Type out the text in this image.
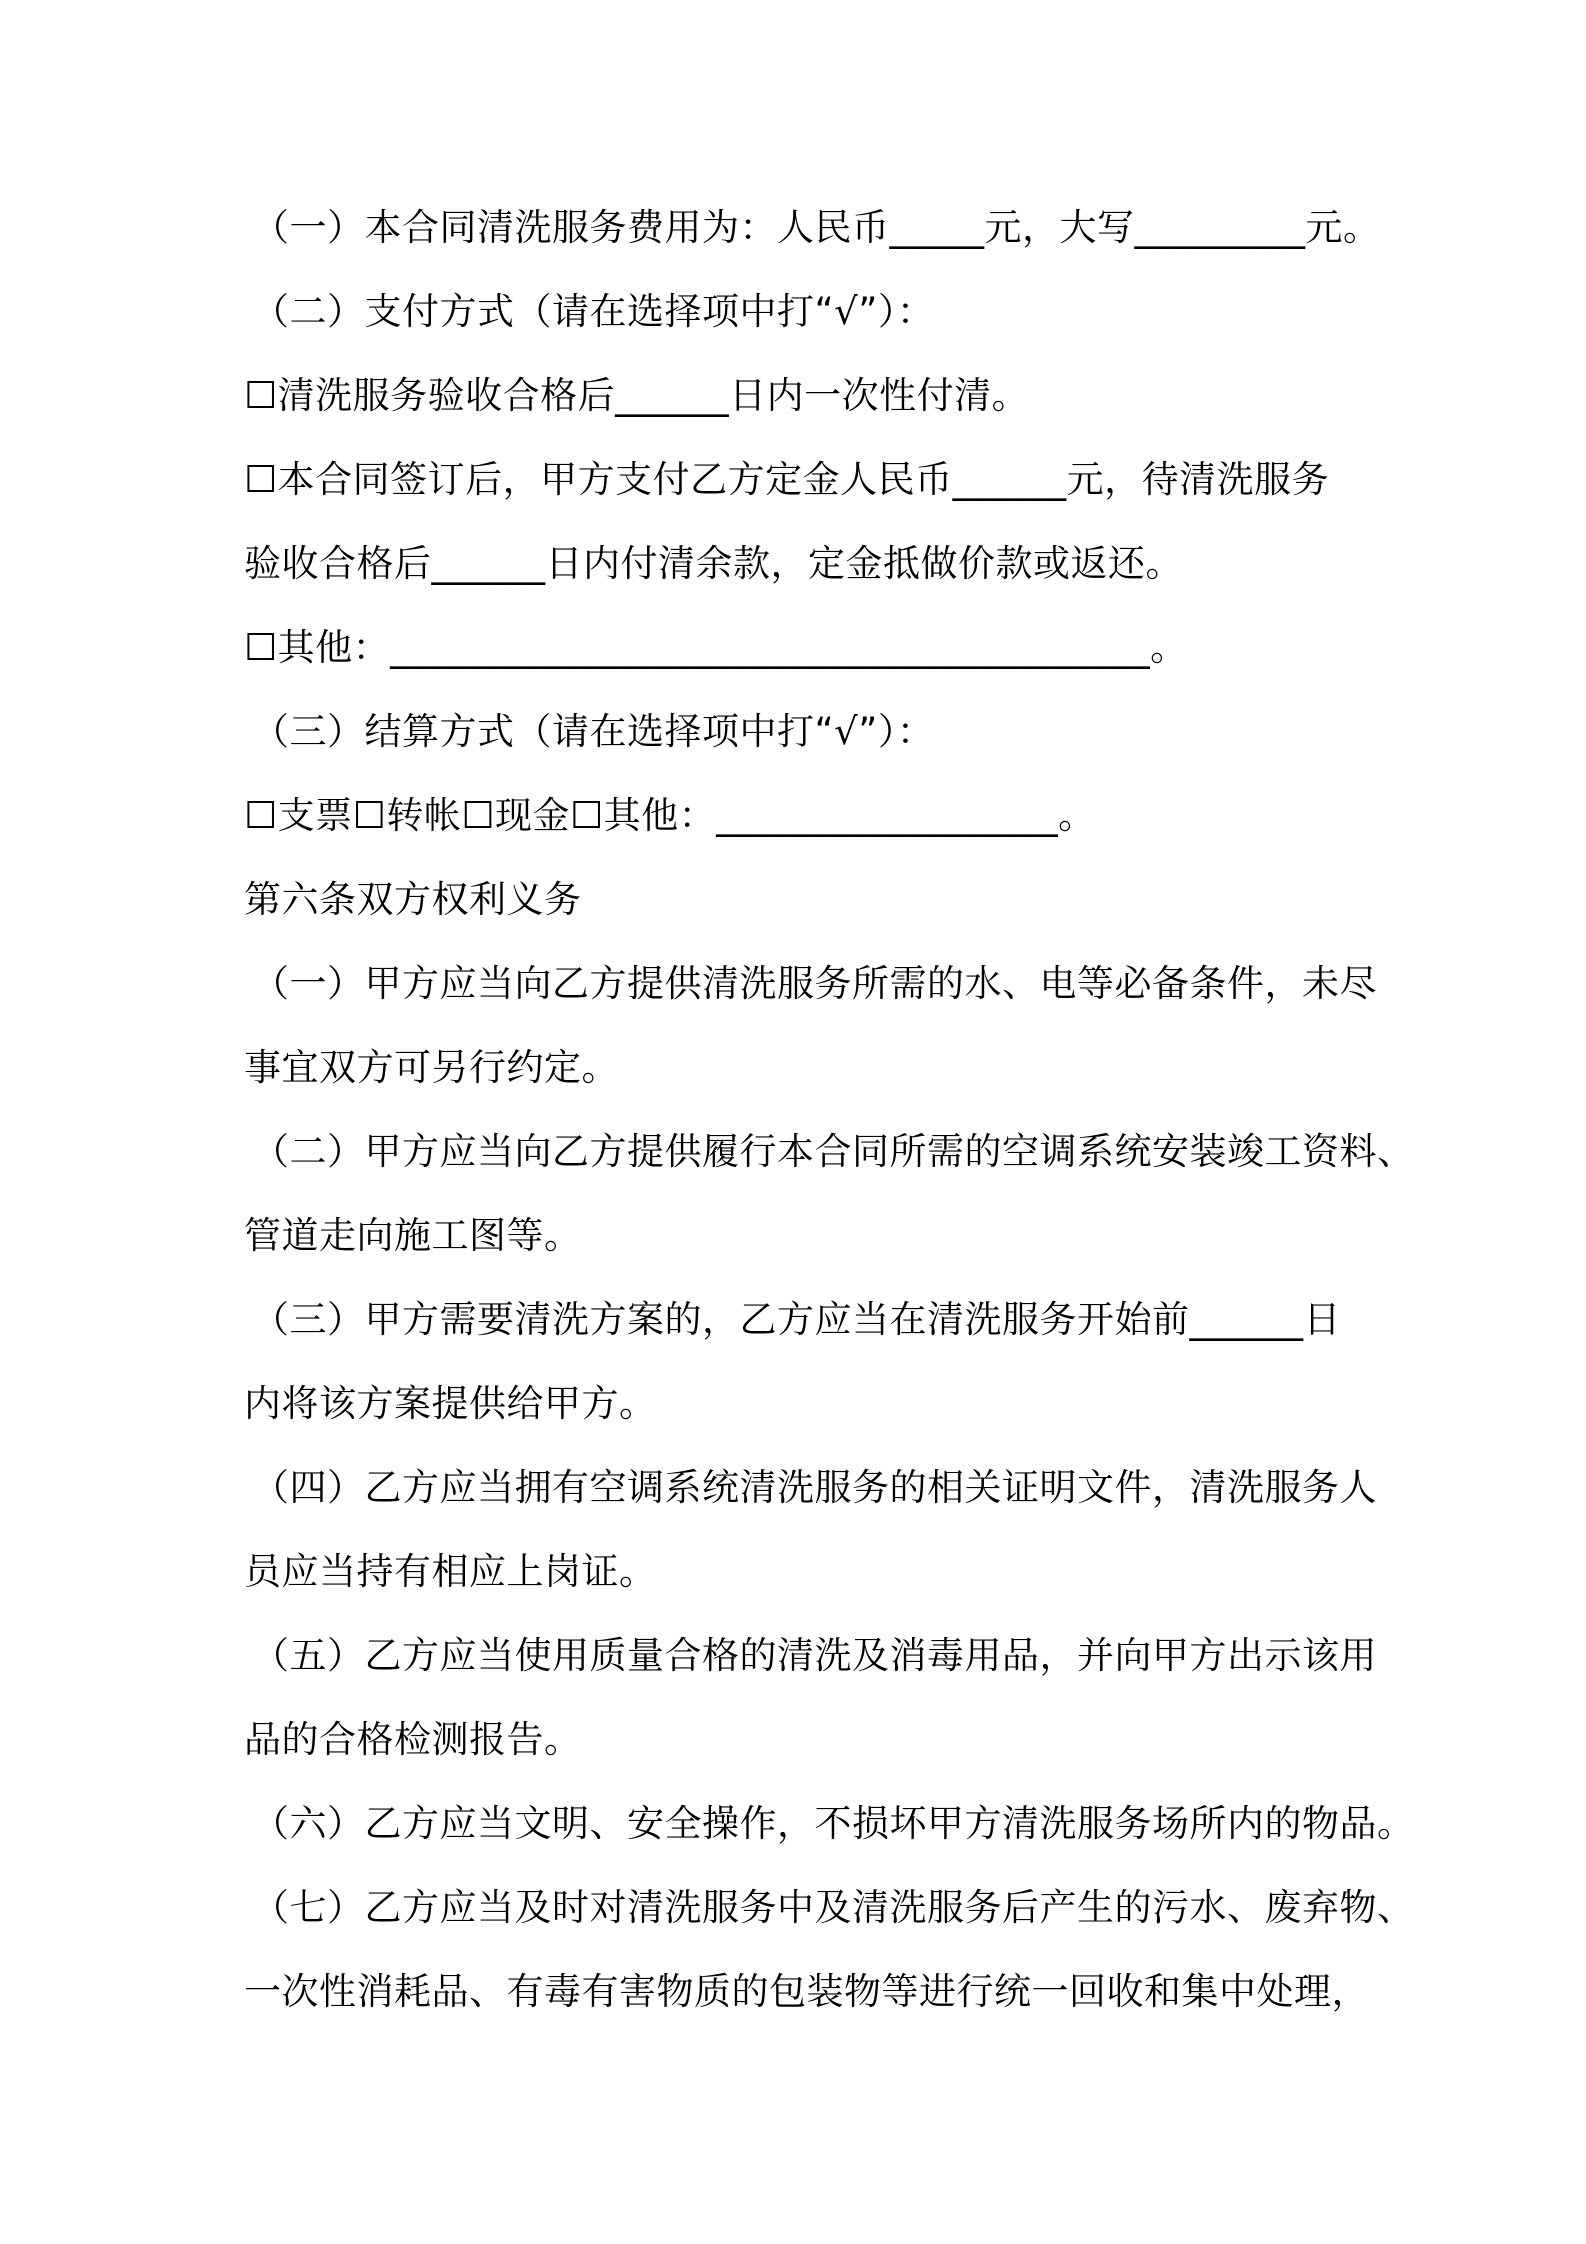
（一）本合同清洗服务费用为：人民币_____元，大写_________元。
（二）支付方式（请在选择项中打“√”）：
☐清洗服务验收合格后______日内一次性付清。
☐本合同签订后，甲方支付乙方定金人民币______元，待清洗服务
验收合格后______日内付清余款，定金抵做价款或返还。
☐其他：________________________________________。
（三）结算方式（请在选择项中打“√”）：
☐支票☐转帐☐现金☐其他：__________________。
第六条双方权利义务
（一）甲方应当向乙方提供清洗服务所需的水、电等必备条件，未尽
事宜双方可另行约定。
（二）甲方应当向乙方提供履行本合同所需的空调系统安装竣工资料、
管道走向施工图等。
（三）甲方需要清洗方案的，乙方应当在清洗服务开始前______日
内将该方案提供给甲方。
（四）乙方应当拥有空调系统清洗服务的相关证明文件，清洗服务人
员应当持有相应上岗证。
（五）乙方应当使用质量合格的清洗及消毒用品，并向甲方出示该用
品的合格检测报告。
（六）乙方应当文明、安全操作，不损坏甲方清洗服务场所内的物品。
（七）乙方应当及时对清洗服务中及清洗服务后产生的污水、废弃物、
一次性消耗品、有毒有害物质的包装物等进行统一回收和集中处理，
